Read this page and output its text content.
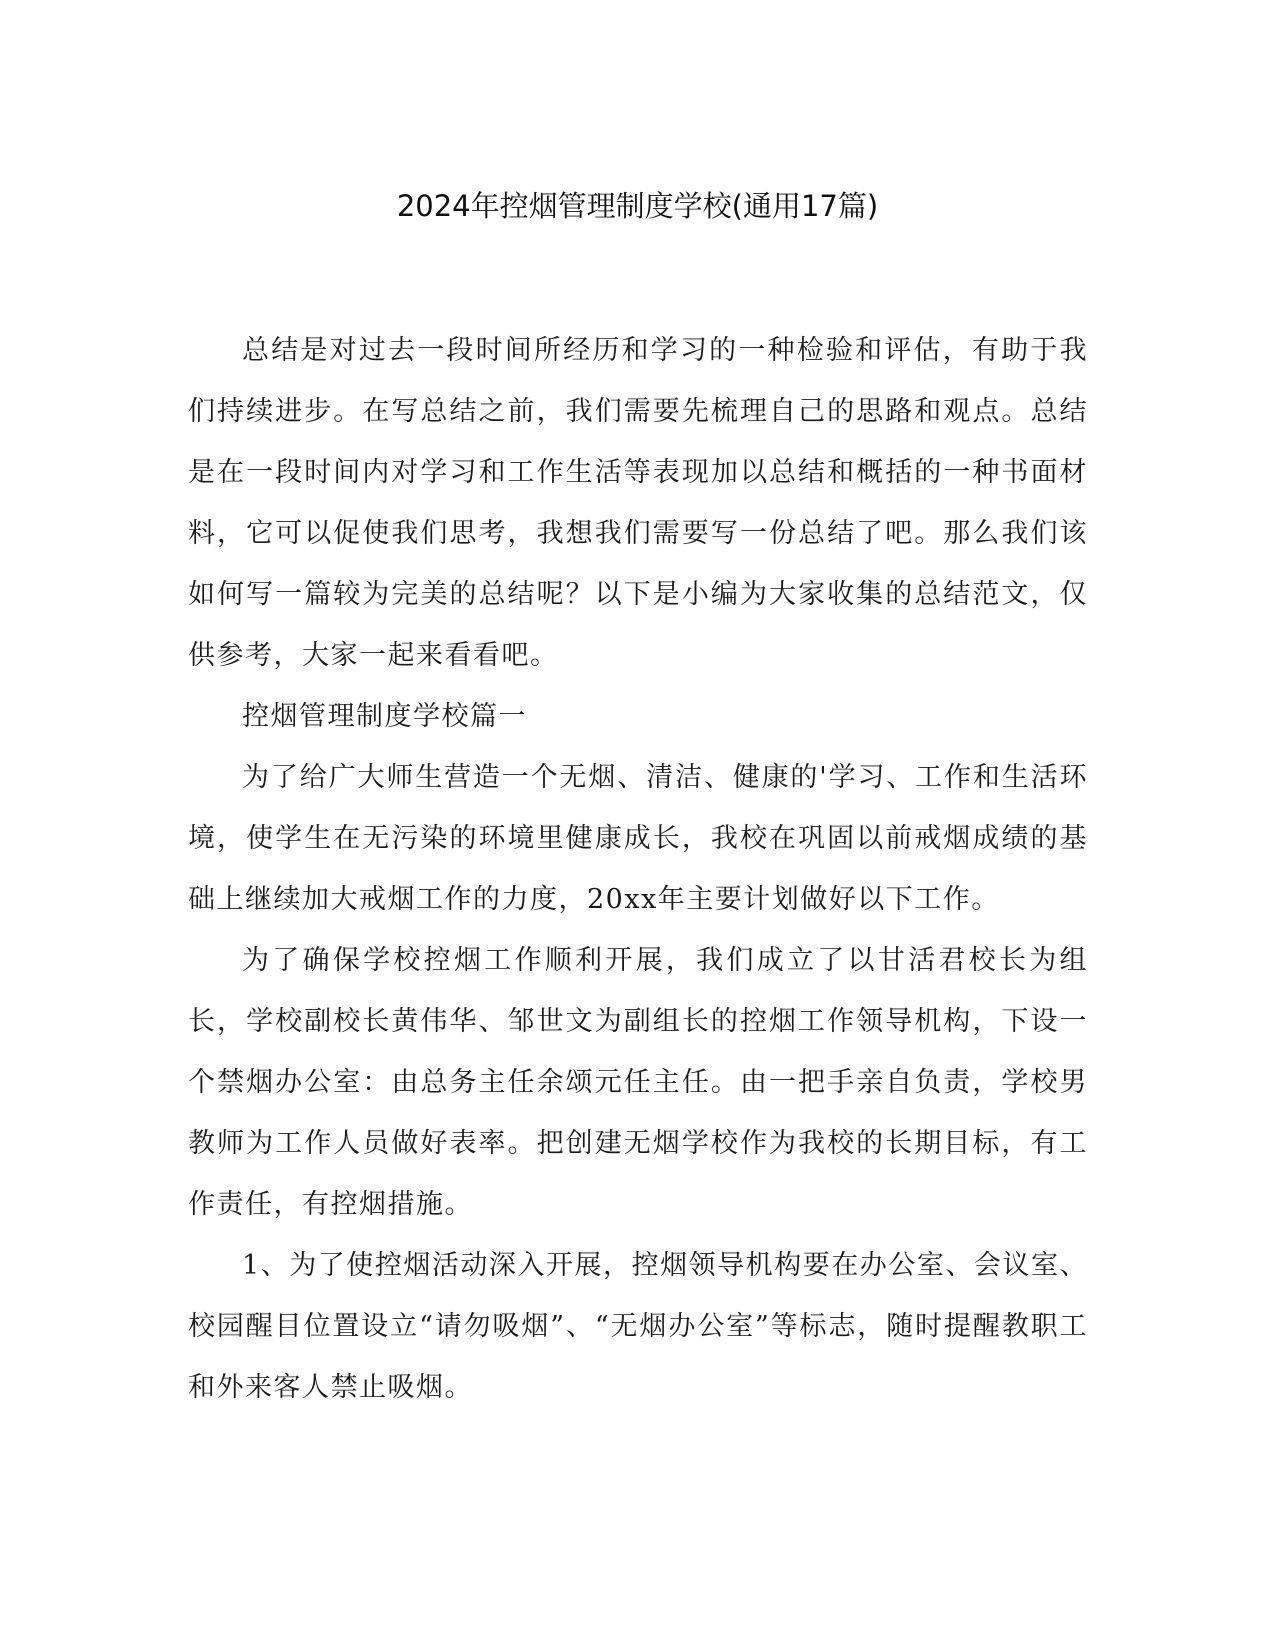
2024年控烟管理制度学校(通用17篇)

总结是对过去一段时间所经历和学习的一种检验和评估，有助于我们持续进步。在写总结之前，我们需要先梳理自己的思路和观点。总结是在一段时间内对学习和工作生活等表现加以总结和概括的一种书面材料，它可以促使我们思考，我想我们需要写一份总结了吧。那么我们该如何写一篇较为完美的总结呢？以下是小编为大家收集的总结范文，仅供参考，大家一起来看看吧。

控烟管理制度学校篇一

为了给广大师生营造一个无烟、清洁、健康的'学习、工作和生活环境，使学生在无污染的环境里健康成长，我校在巩固以前戒烟成绩的基础上继续加大戒烟工作的力度，20xx年主要计划做好以下工作。

为了确保学校控烟工作顺利开展，我们成立了以甘活君校长为组长，学校副校长黄伟华、邹世文为副组长的控烟工作领导机构，下设一个禁烟办公室：由总务主任余颂元任主任。由一把手亲自负责，学校男教师为工作人员做好表率。把创建无烟学校作为我校的长期目标，有工作责任，有控烟措施。

1、为了使控烟活动深入开展，控烟领导机构要在办公室、会议室、校园醒目位置设立“请勿吸烟”、“无烟办公室”等标志，随时提醒教职工和外来客人禁止吸烟。
